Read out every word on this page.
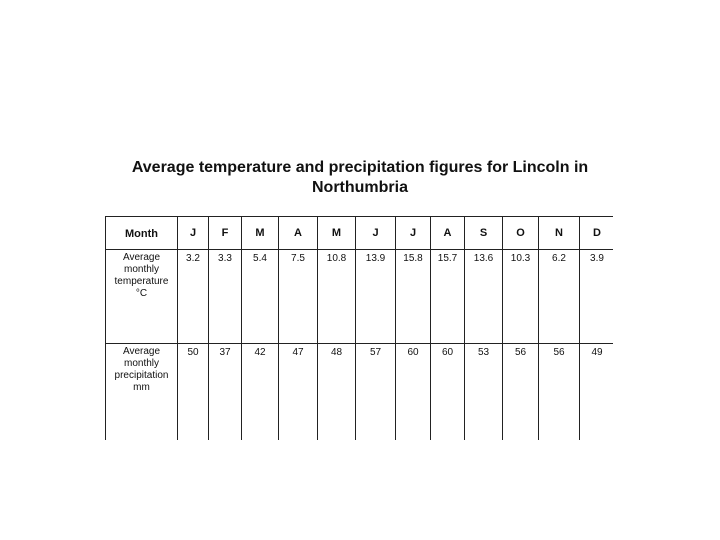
Average temperature and precipitation figures for Lincoln in
Northumbria
Month	J	F	M	A	M	J	J	A	S	O	N	D

Average
monthly
temperature
°C	3.2	3.3	5.4	7.5	10.8	13.9	15.8	15.7	13.6	10.3	6.2	3.9

Average
monthly
precipitation
mm	50	37	42	47	48	57	60	60	53	56	56	49
